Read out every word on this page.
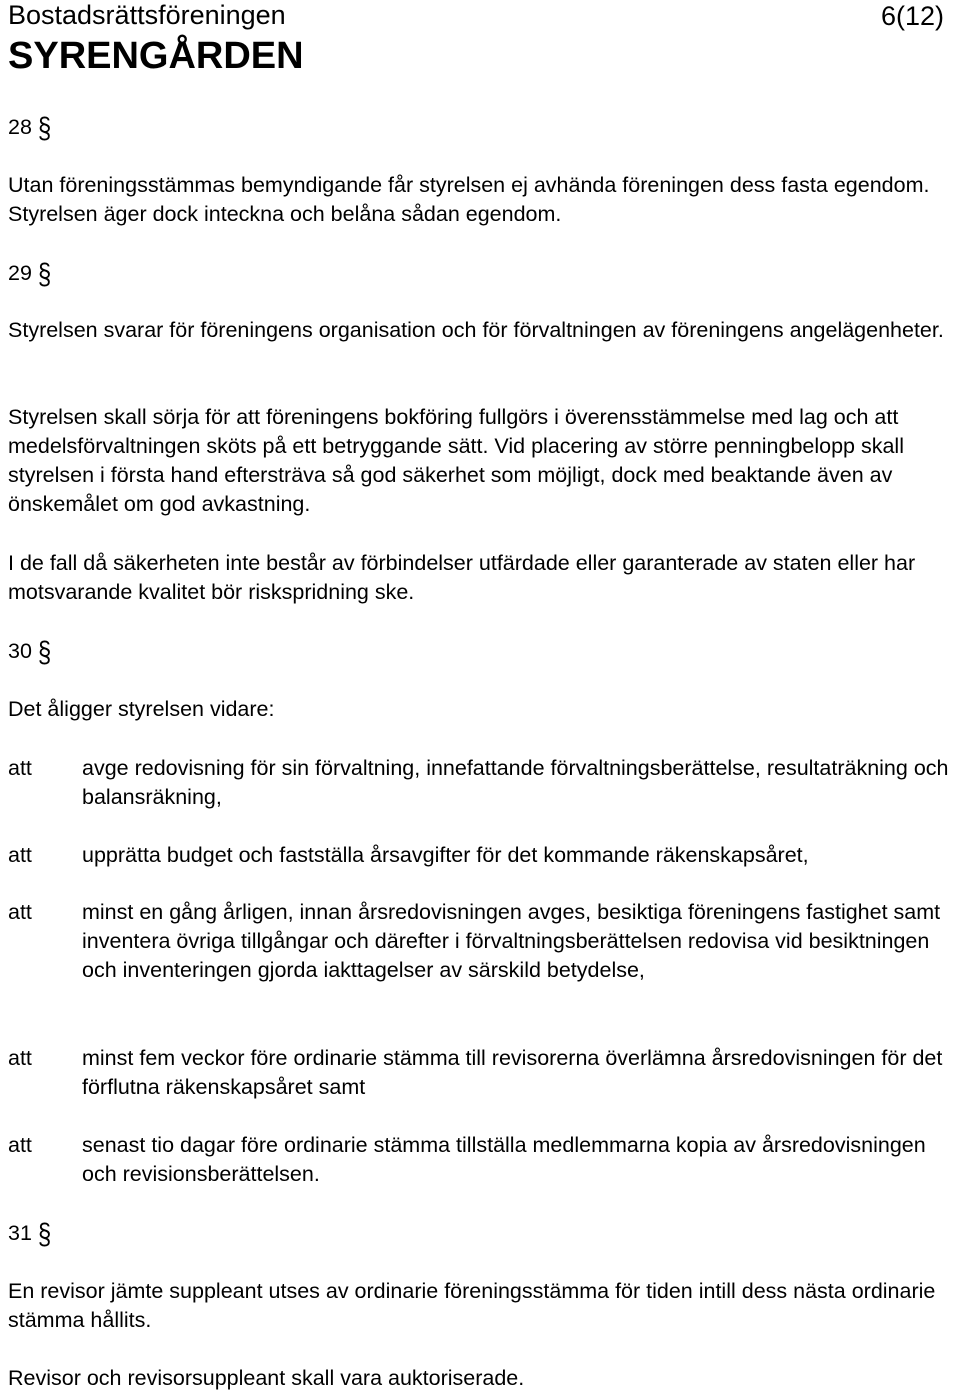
Bostadsrättsföreningen
SYRENGÅRDEN
6(12)
28 §
Utan föreningsstämmas bemyndigande får styrelsen ej avhända föreningen dess fasta egendom. Styrelsen äger dock inteckna och belåna sådan egendom.
29 §
Styrelsen svarar för föreningens organisation och för förvaltningen av föreningens angelägenheter.
Styrelsen skall sörja för att föreningens bokföring fullgörs i överensstämmelse med lag och att medelsförvaltningen sköts på ett betryggande sätt. Vid placering av större penningbelopp skall styrelsen i första hand eftersträva så god säkerhet som möjligt, dock med beaktande även av önskemålet om god avkastning.
I de fall då säkerheten inte består av förbindelser utfärdade eller garanterade av staten eller har motsvarande kvalitet bör riskspridning ske.
30 §
Det åligger styrelsen vidare:
att avge redovisning för sin förvaltning, innefattande förvaltningsberättelse, resultaträkning och balansräkning,
att upprätta budget och fastställa årsavgifter för det kommande räkenskapsåret,
att minst en gång årligen, innan årsredovisningen avges, besiktiga föreningens fastighet samt inventera övriga tillgångar och därefter i förvaltningsberättelsen redovisa vid besiktningen och inventeringen gjorda iakttagelser av särskild betydelse,
att minst fem veckor före ordinarie stämma till revisorerna överlämna årsredovisningen för det förflutna räkenskapsåret samt
att senast tio dagar före ordinarie stämma tillställa medlemmarna kopia av årsredovisningen och revisionsberättelsen.
31 §
En revisor jämte suppleant utses av ordinarie föreningsstämma för tiden intill dess nästa ordinarie stämma hållits.
Revisor och revisorsuppleant skall vara auktoriserade.
